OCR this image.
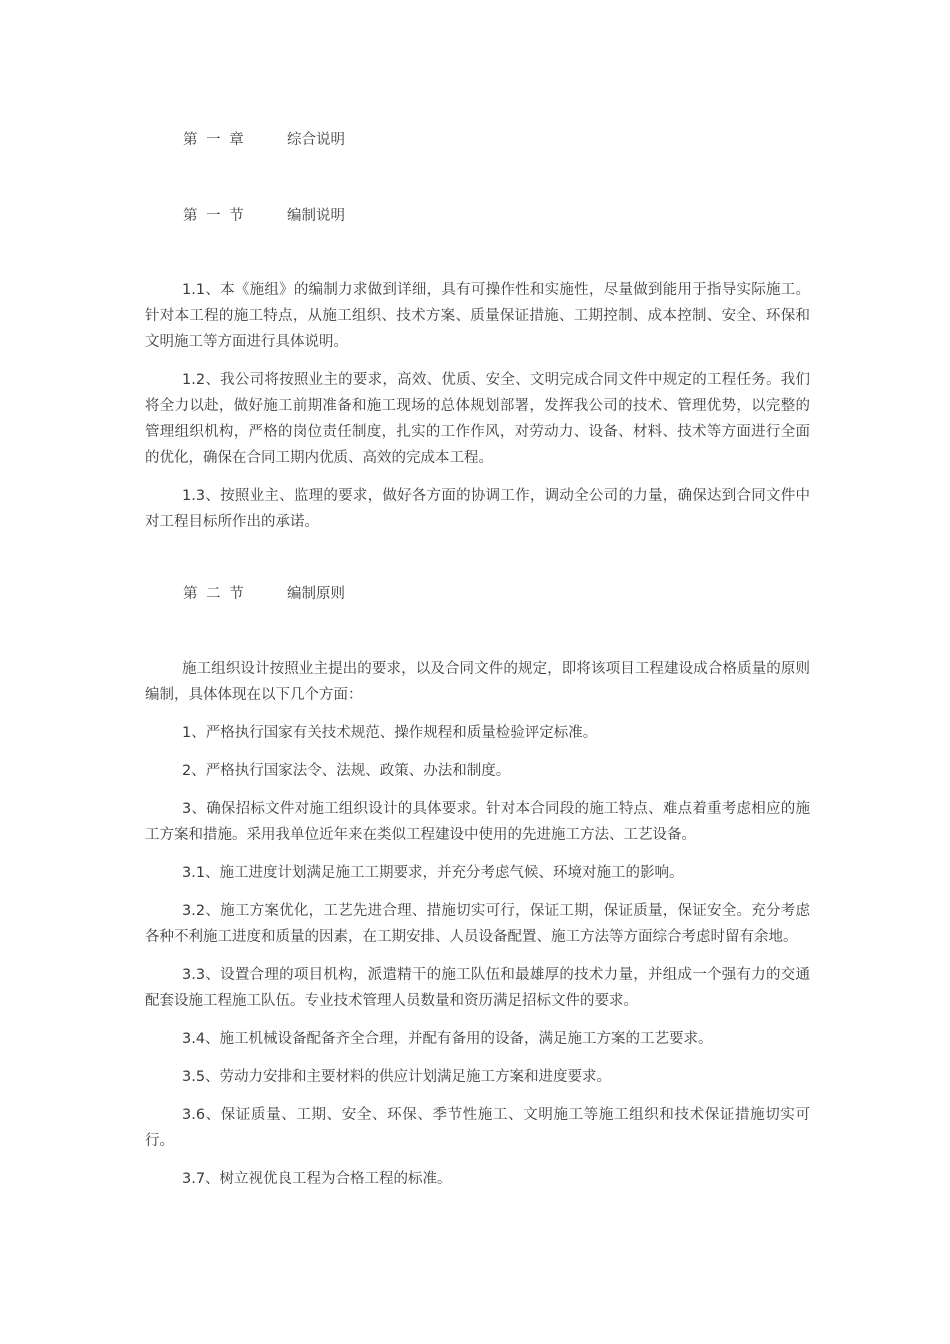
第 一 章	综合说明
第 一 节	编制说明

1.1、本《施组》的编制力求做到详细，具有可操作性和实施性，尽量做到能用于指导实际施工。针对本工程的施工特点，从施工组织、技术方案、质量保证措施、工期控制、成本控制、安全、环保和文明施工等方面进行具体说明。

1.2、我公司将按照业主的要求，高效、优质、安全、文明完成合同文件中规定的工程任务。我们将全力以赴，做好施工前期准备和施工现场的总体规划部署，发挥我公司的技术、管理优势，以完整的管理组织机构，严格的岗位责任制度，扎实的工作作风，对劳动力、设备、材料、技术等方面进行全面的优化，确保在合同工期内优质、高效的完成本工程。

1.3、按照业主、监理的要求，做好各方面的协调工作，调动全公司的力量，确保达到合同文件中对工程目标所作出的承诺。

第 二 节	编制原则

施工组织设计按照业主提出的要求，以及合同文件的规定，即将该项目工程建设成合格质量的原则编制，具体体现在以下几个方面：

1、严格执行国家有关技术规范、操作规程和质量检验评定标准。

2、严格执行国家法令、法规、政策、办法和制度。

3、确保招标文件对施工组织设计的具体要求。针对本合同段的施工特点、难点着重考虑相应的施工方案和措施。采用我单位近年来在类似工程建设中使用的先进施工方法、工艺设备。

3.1、施工进度计划满足施工工期要求，并充分考虑气候、环境对施工的影响。

3.2、施工方案优化，工艺先进合理、措施切实可行，保证工期，保证质量，保证安全。充分考虑各种不利施工进度和质量的因素，在工期安排、人员设备配置、施工方法等方面综合考虑时留有余地。

3.3、设置合理的项目机构，派遣精干的施工队伍和最雄厚的技术力量，并组成一个强有力的交通配套设施工程施工队伍。专业技术管理人员数量和资历满足招标文件的要求。

3.4、施工机械设备配备齐全合理，并配有备用的设备，满足施工方案的工艺要求。

3.5、劳动力安排和主要材料的供应计划满足施工方案和进度要求。

3.6、保证质量、工期、安全、环保、季节性施工、文明施工等施工组织和技术保证措施切实可行。

3.7、树立视优良工程为合格工程的标准。
